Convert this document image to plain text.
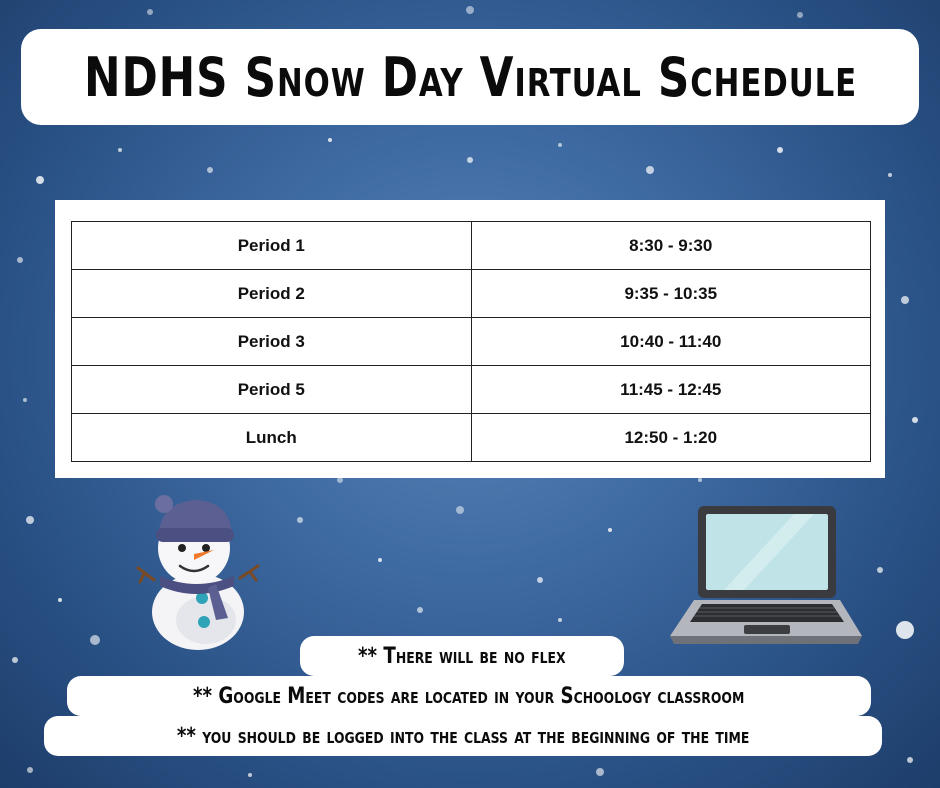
NDHS Snow Day Virtual Schedule
Period 1	8:30 - 9:30
Period 2	9:35 - 10:35
Period 3	10:40 - 11:40
Period 5	11:45 - 12:45
Lunch	12:50 - 1:20
** There will be no flex
** Google Meet codes are located in your Schoology classroom
** you should be logged into the class at the beginning of the time
